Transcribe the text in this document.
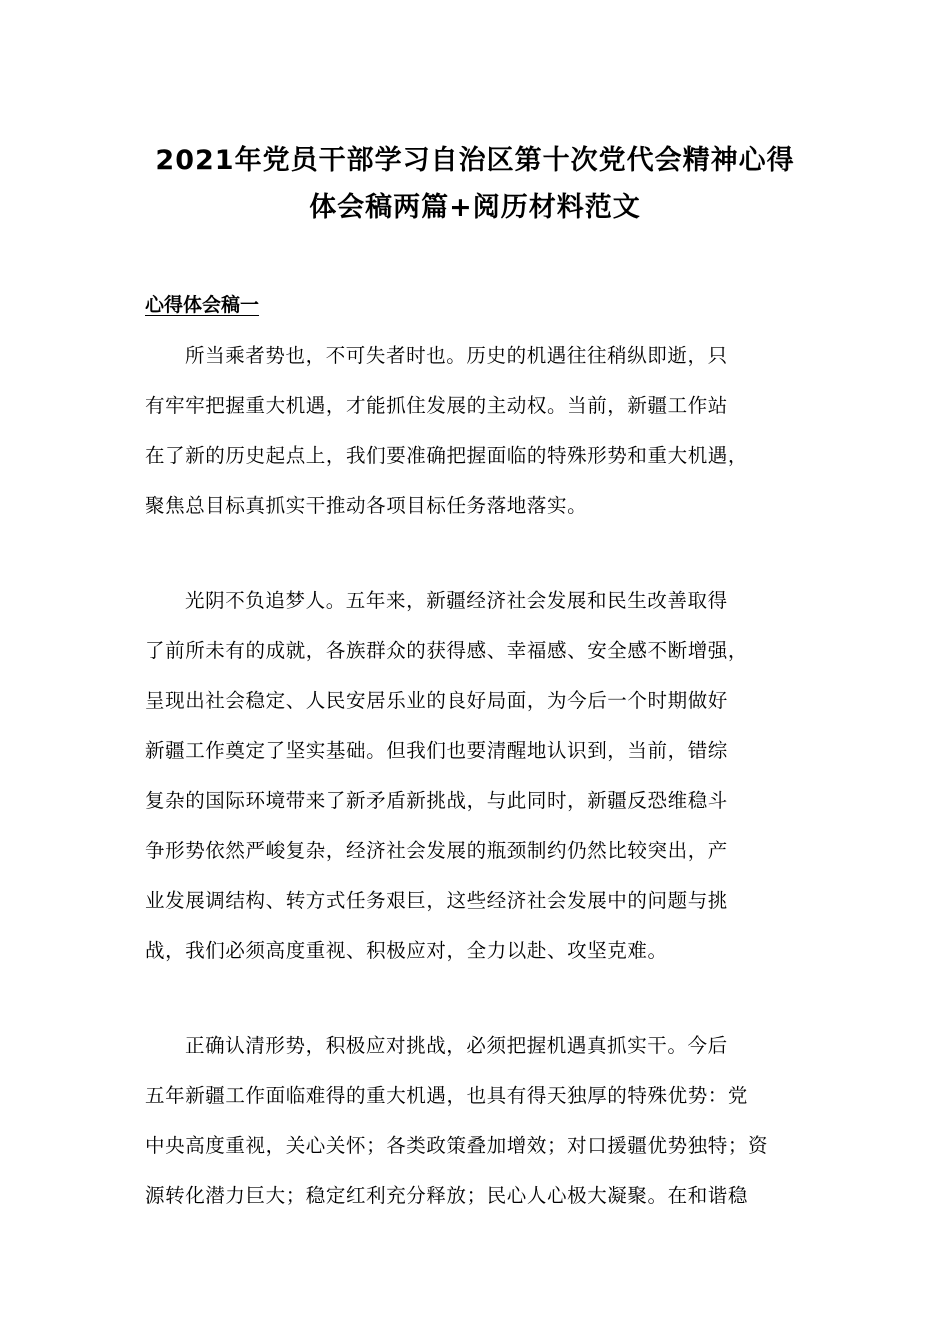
2021年党员干部学习自治区第十次党代会精神心得
体会稿两篇+阅历材料范文
心得体会稿一

所当乘者势也，不可失者时也。历史的机遇往往稍纵即逝，只
有牢牢把握重大机遇，才能抓住发展的主动权。当前，新疆工作站
在了新的历史起点上，我们要准确把握面临的特殊形势和重大机遇，
聚焦总目标真抓实干推动各项目标任务落地落实。

光阴不负追梦人。五年来，新疆经济社会发展和民生改善取得
了前所未有的成就，各族群众的获得感、幸福感、安全感不断增强，
呈现出社会稳定、人民安居乐业的良好局面，为今后一个时期做好
新疆工作奠定了坚实基础。但我们也要清醒地认识到，当前，错综
复杂的国际环境带来了新矛盾新挑战，与此同时，新疆反恐维稳斗
争形势依然严峻复杂，经济社会发展的瓶颈制约仍然比较突出，产
业发展调结构、转方式任务艰巨，这些经济社会发展中的问题与挑
战，我们必须高度重视、积极应对，全力以赴、攻坚克难。

正确认清形势，积极应对挑战，必须把握机遇真抓实干。今后
五年新疆工作面临难得的重大机遇，也具有得天独厚的特殊优势：党
中央高度重视，关心关怀；各类政策叠加增效；对口援疆优势独特；资
源转化潜力巨大；稳定红利充分释放；民心人心极大凝聚。在和谐稳
